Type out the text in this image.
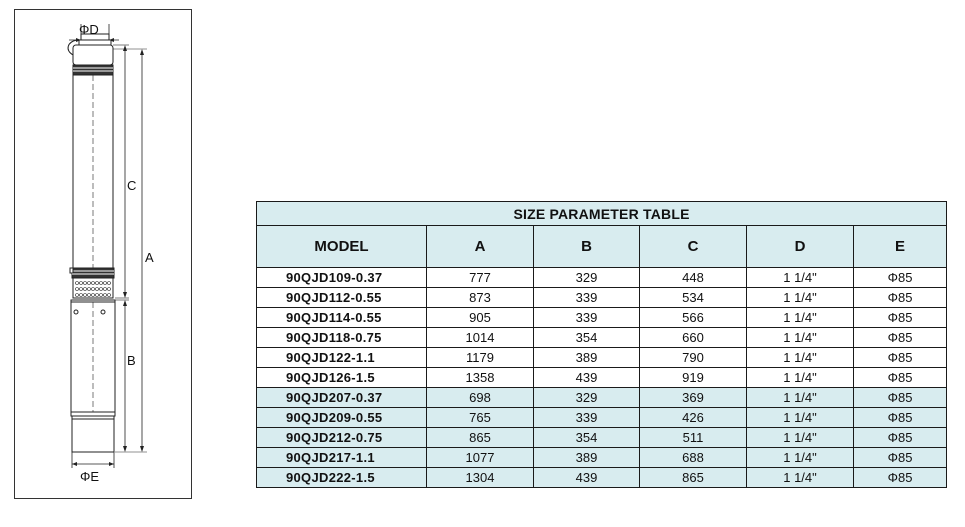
ΦD
C
A
B
ΦE
SIZE PARAMETER TABLE					
MODEL	A	B	C	D	E
90QJD109-0.37	777	329	448	1 1/4"	Φ85
90QJD112-0.55	873	339	534	1 1/4"	Φ85
90QJD114-0.55	905	339	566	1 1/4"	Φ85
90QJD118-0.75	1014	354	660	1 1/4"	Φ85
90QJD122-1.1	1179	389	790	1 1/4"	Φ85
90QJD126-1.5	1358	439	919	1 1/4"	Φ85
90QJD207-0.37	698	329	369	1 1/4"	Φ85
90QJD209-0.55	765	339	426	1 1/4"	Φ85
90QJD212-0.75	865	354	511	1 1/4"	Φ85
90QJD217-1.1	1077	389	688	1 1/4"	Φ85
90QJD222-1.5	1304	439	865	1 1/4"	Φ85
